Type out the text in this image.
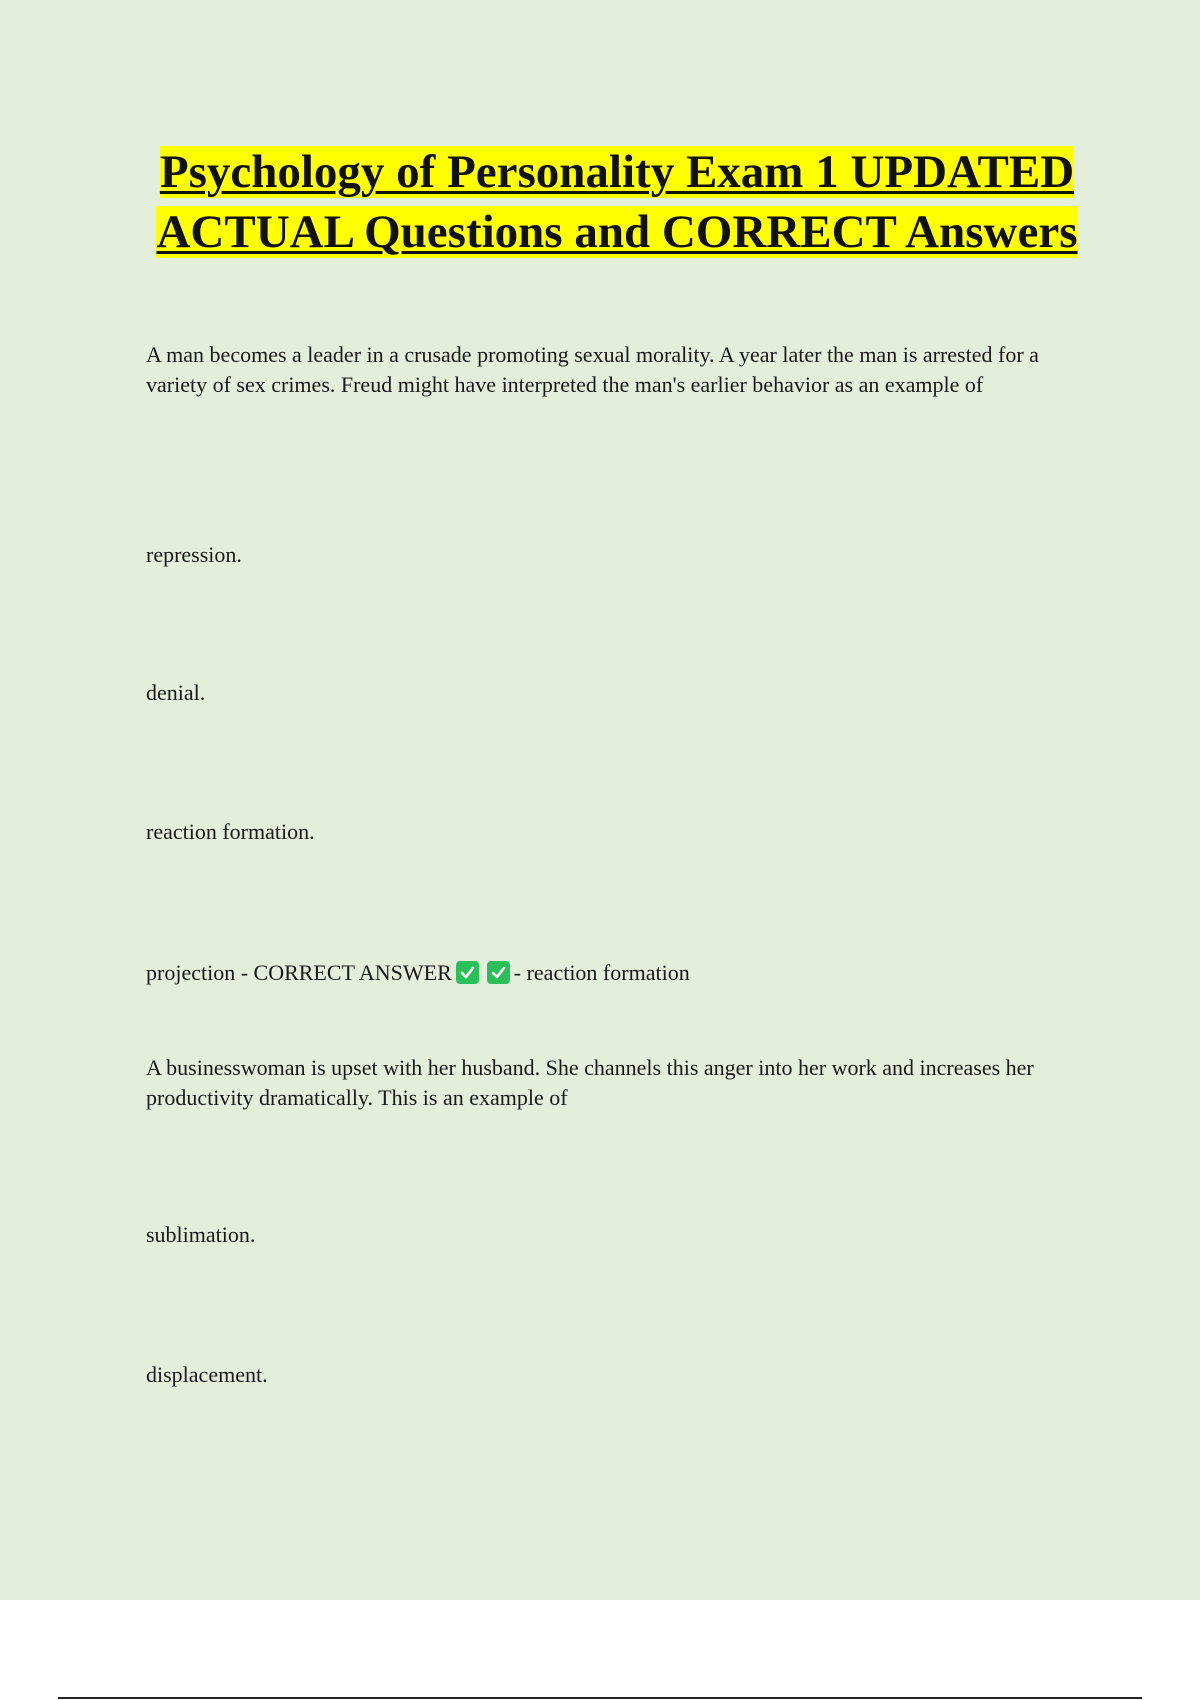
Psychology of Personality Exam 1 UPDATED ACTUAL Questions and CORRECT Answers

A man becomes a leader in a crusade promoting sexual morality. A year later the man is arrested for a variety of sex crimes. Freud might have interpreted the man's earlier behavior as an example of

repression.

denial.

reaction formation.

projection - CORRECT ANSWER	- reaction formation

A businesswoman is upset with her husband. She channels this anger into her work and increases her productivity dramatically. This is an example of

sublimation.

displacement.
